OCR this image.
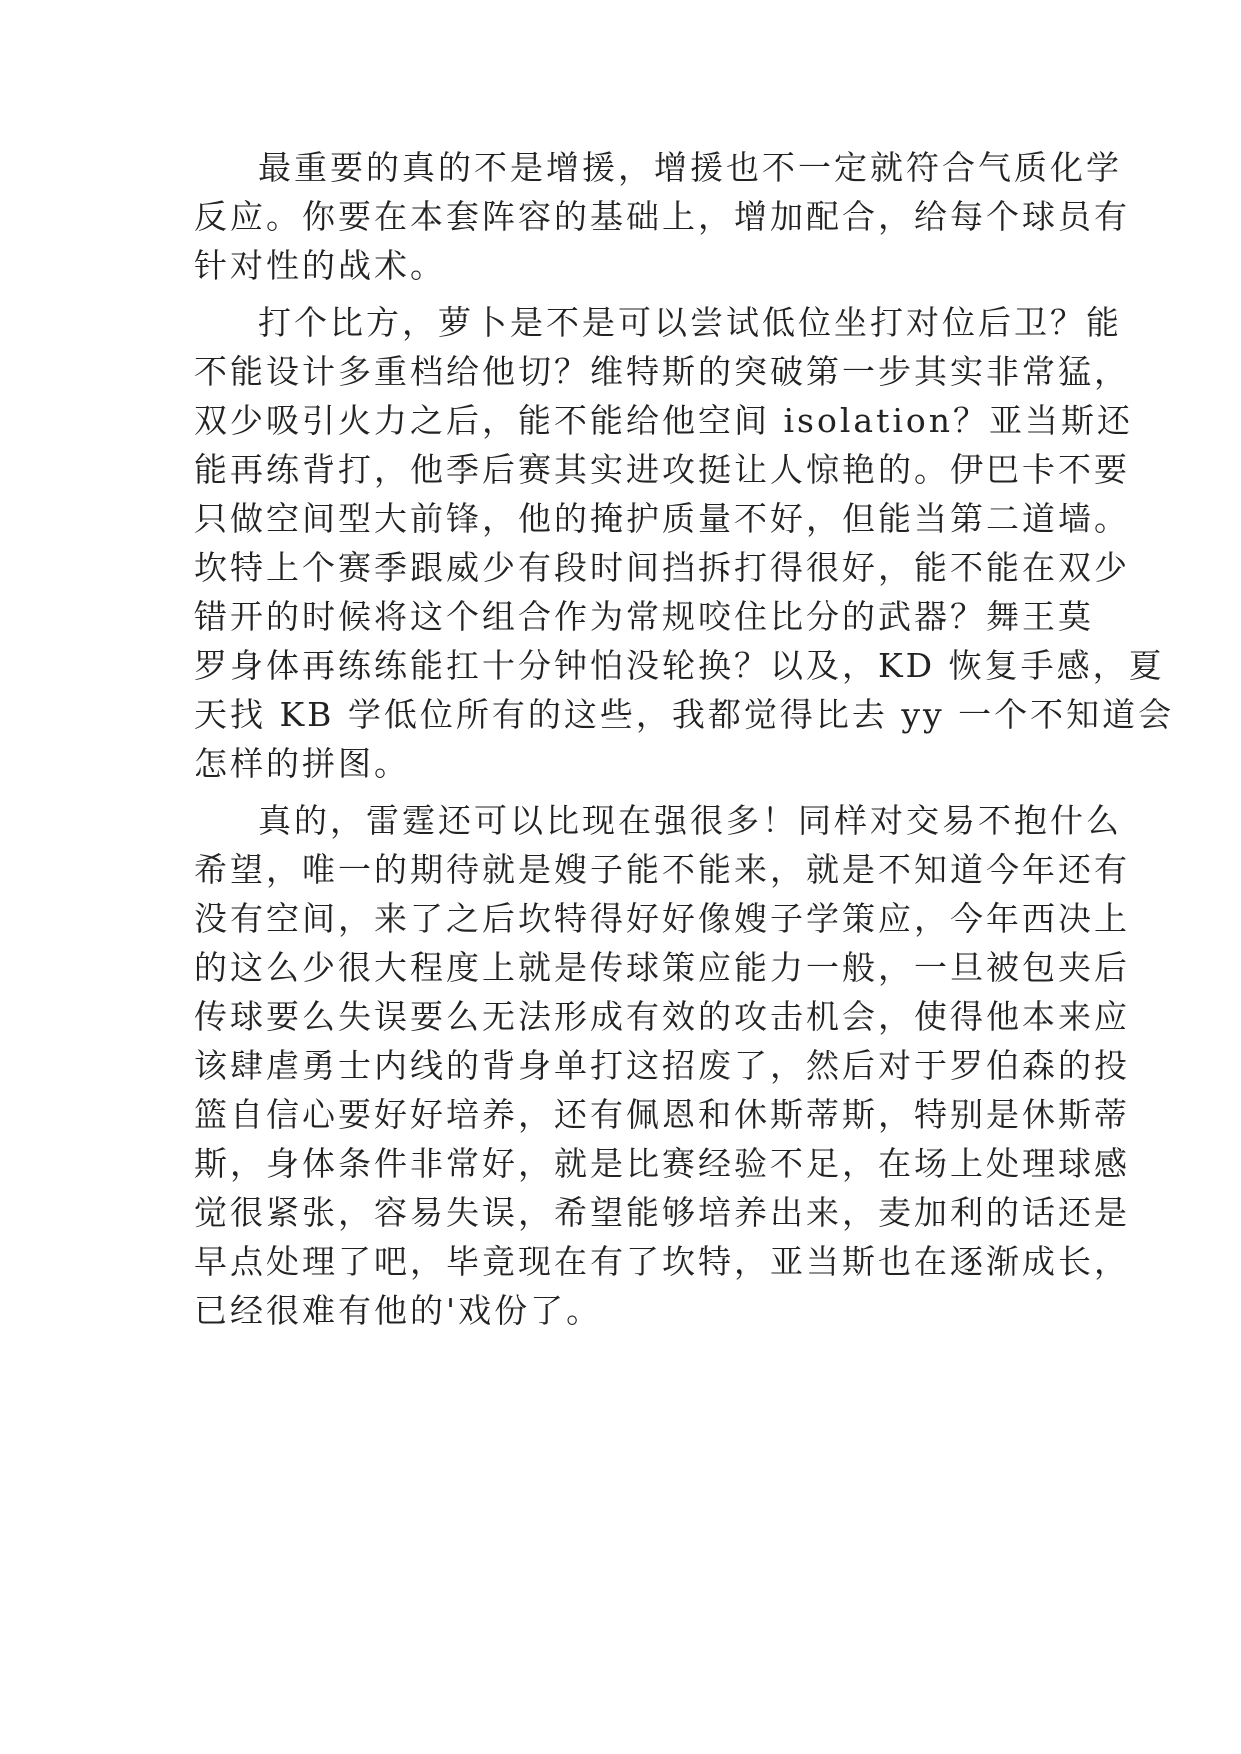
最重要的真的不是增援，增援也不一定就符合气质化学

反应。你要在本套阵容的基础上，增加配合，给每个球员有

针对性的战术。

打个比方，萝卜是不是可以尝试低位坐打对位后卫？能

不能设计多重档给他切？维特斯的突破第一步其实非常猛，

双少吸引火力之后，能不能给他空间 isolation？亚当斯还

能再练背打，他季后赛其实进攻挺让人惊艳的。伊巴卡不要

只做空间型大前锋，他的掩护质量不好，但能当第二道墙。

坎特上个赛季跟威少有段时间挡拆打得很好，能不能在双少

错开的时候将这个组合作为常规咬住比分的武器？舞王莫

罗身体再练练能扛十分钟怕没轮换？以及，KD 恢复手感，夏

天找 KB 学低位所有的这些，我都觉得比去 yy 一个不知道会

怎样的拼图。

真的，雷霆还可以比现在强很多！同样对交易不抱什么

希望，唯一的期待就是嫂子能不能来，就是不知道今年还有

没有空间，来了之后坎特得好好像嫂子学策应，今年西决上

的这么少很大程度上就是传球策应能力一般，一旦被包夹后

传球要么失误要么无法形成有效的攻击机会，使得他本来应

该肆虐勇士内线的背身单打这招废了，然后对于罗伯森的投

篮自信心要好好培养，还有佩恩和休斯蒂斯，特别是休斯蒂

斯，身体条件非常好，就是比赛经验不足，在场上处理球感

觉很紧张，容易失误，希望能够培养出来，麦加利的话还是

早点处理了吧，毕竟现在有了坎特，亚当斯也在逐渐成长，

已经很难有他的'戏份了。
